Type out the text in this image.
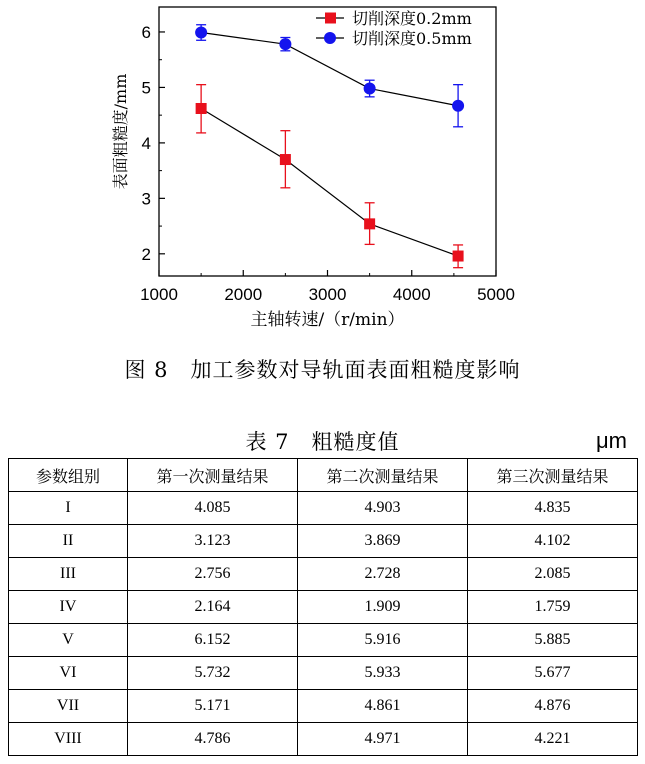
1000	2000	3000	4000	5000
2
3
4
5
6
主轴转速/（r/min）
表面粗糙度/mm
切削深度0.2mm
切削深度0.5mm
图 8　加工参数对导轨面表面粗糙度影响
表 7　粗糙度值	μm
参数组别	第一次测量结果	第二次测量结果	第三次测量结果
I	4.085	4.903	4.835
II	3.123	3.869	4.102
III	2.756	2.728	2.085
IV	2.164	1.909	1.759
V	6.152	5.916	5.885
VI	5.732	5.933	5.677
VII	5.171	4.861	4.876
VIII	4.786	4.971	4.221
